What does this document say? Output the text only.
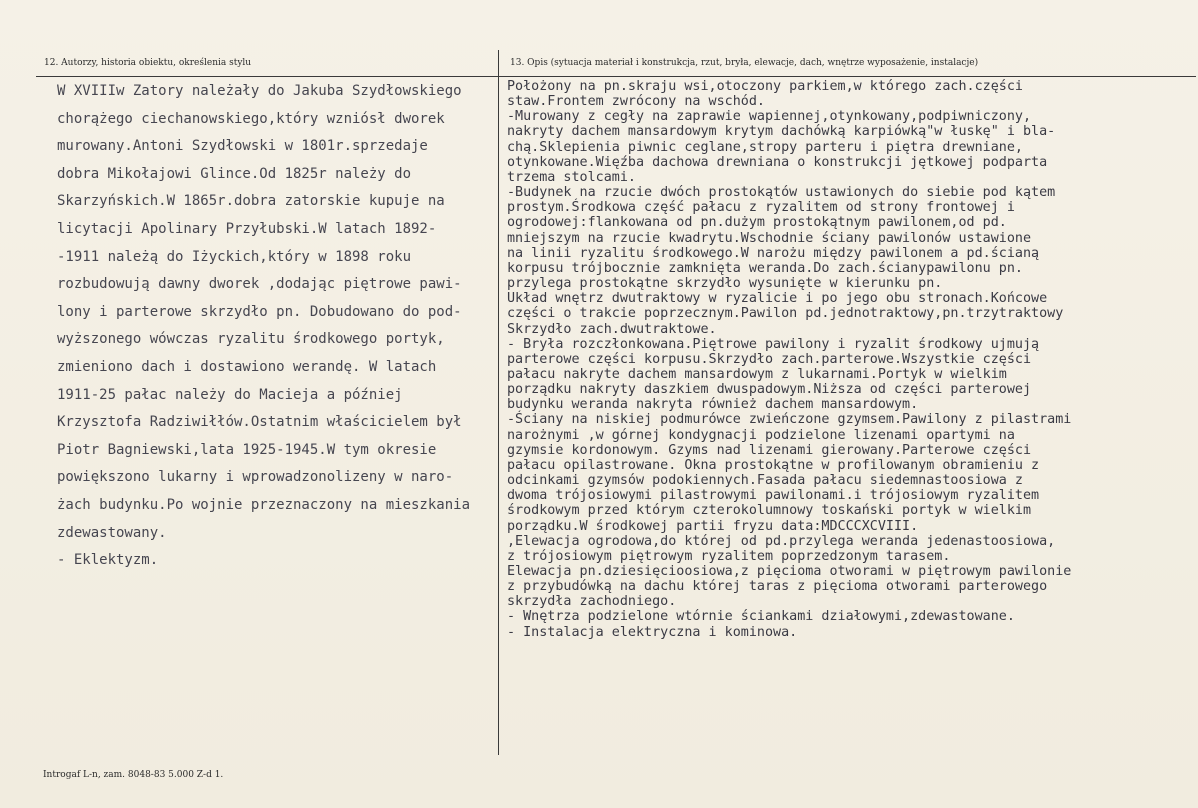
12. Autorzy, historia obiektu, określenia stylu	13. Opis (sytuacja materiał i konstrukcja, rzut, bryła, elewacje, dach, wnętrze wyposażenie, instalacje)
W XVIIIw Zatory należały do Jakuba Szydłowskiego
chorążego ciechanowskiego,który wzniósł dworek
murowany.Antoni Szydłowski w 1801r.sprzedaje
dobra Mikołajowi Glince.Od 1825r należy do
Skarzyńskich.W 1865r.dobra zatorskie kupuje na
licytacji Apolinary Przyłubski.W latach 1892-
-1911 należą do Iżyckich,który w 1898 roku
rozbudowują dawny dworek ,dodając piętrowe pawi-
lony i parterowe skrzydło pn. Dobudowano do pod-
wyższonego wówczas ryzalitu środkowego portyk,
zmieniono dach i dostawiono werandę. W latach
1911-25 pałac należy do Macieja a później
Krzysztofa Radziwiłłów.Ostatnim właścicielem był
Piotr Bagniewski,lata 1925-1945.W tym okresie
powiększono lukarny i wprowadzonolizeny w naro-
żach budynku.Po wojnie przeznaczony na mieszkania
zdewastowany.
- Eklektyzm.
Położony na pn.skraju wsi,otoczony parkiem,w którego zach.części
staw.Frontem zwrócony na wschód.
-Murowany z cegły na zaprawie wapiennej,otynkowany,podpiwniczony,
nakryty dachem mansardowym krytym dachówką karpiówką"w łuskę" i bla-
chą.Sklepienia piwnic ceglane,stropy parteru i piętra drewniane,
otynkowane.Więźba dachowa drewniana o konstrukcji jętkowej podparta
trzema stolcami.
-Budynek na rzucie dwóch prostokątów ustawionych do siebie pod kątem
prostym.Środkowa część pałacu z ryzalitem od strony frontowej i
ogrodowej:flankowana od pn.dużym prostokątnym pawilonem,od pd.
mniejszym na rzucie kwadrytu.Wschodnie ściany pawilonów ustawione
na linii ryzalitu środkowego.W narożu między pawilonem a pd.ścianą
korpusu trójbocznie zamknięta weranda.Do zach.ścianypawilonu pn.
przylega prostokątne skrzydło wysunięte w kierunku pn.
Układ wnętrz dwutraktowy w ryzalicie i po jego obu stronach.Końcowe
części o trakcie poprzecznym.Pawilon pd.jednotraktowy,pn.trzytraktowy
Skrzydło zach.dwutraktowe.
- Bryła rozczłonkowana.Piętrowe pawilony i ryzalit środkowy ujmują
parterowe części korpusu.Skrzydło zach.parterowe.Wszystkie części
pałacu nakryte dachem mansardowym z lukarnami.Portyk w wielkim
porządku nakryty daszkiem dwuspadowym.Niższa od części parterowej
budynku weranda nakryta również dachem mansardowym.
-Ściany na niskiej podmurówce zwieńczone gzymsem.Pawilony z pilastrami
narożnymi ,w górnej kondygnacji podzielone lizenami opartymi na
gzymsie kordonowym. Gzyms nad lizenami gierowany.Parterowe części
pałacu opilastrowane. Okna prostokątne w profilowanym obramieniu z
odcinkami gzymsów podokiennych.Fasada pałacu siedemnastoosiowa z
dwoma trójosiowymi pilastrowymi pawilonami.i trójosiowym ryzalitem
środkowym przed którym czterokolumnowy toskański portyk w wielkim
porządku.W środkowej partii fryzu data:MDCCCXCVIII.
,Elewacja ogrodowa,do której od pd.przylega weranda jedenastoosiowa,
z trójosiowym piętrowym ryzalitem poprzedzonym tarasem.
Elewacja pn.dziesięcioosiowa,z pięcioma otworami w piętrowym pawilonie
z przybudówką na dachu której taras z pięcioma otworami parterowego
skrzydła zachodniego.
- Wnętrza podzielone wtórnie ściankami działowymi,zdewastowane.
- Instalacja elektryczna i kominowa.
Introgaf L-n, zam. 8048-83 5.000 Z-d 1.
